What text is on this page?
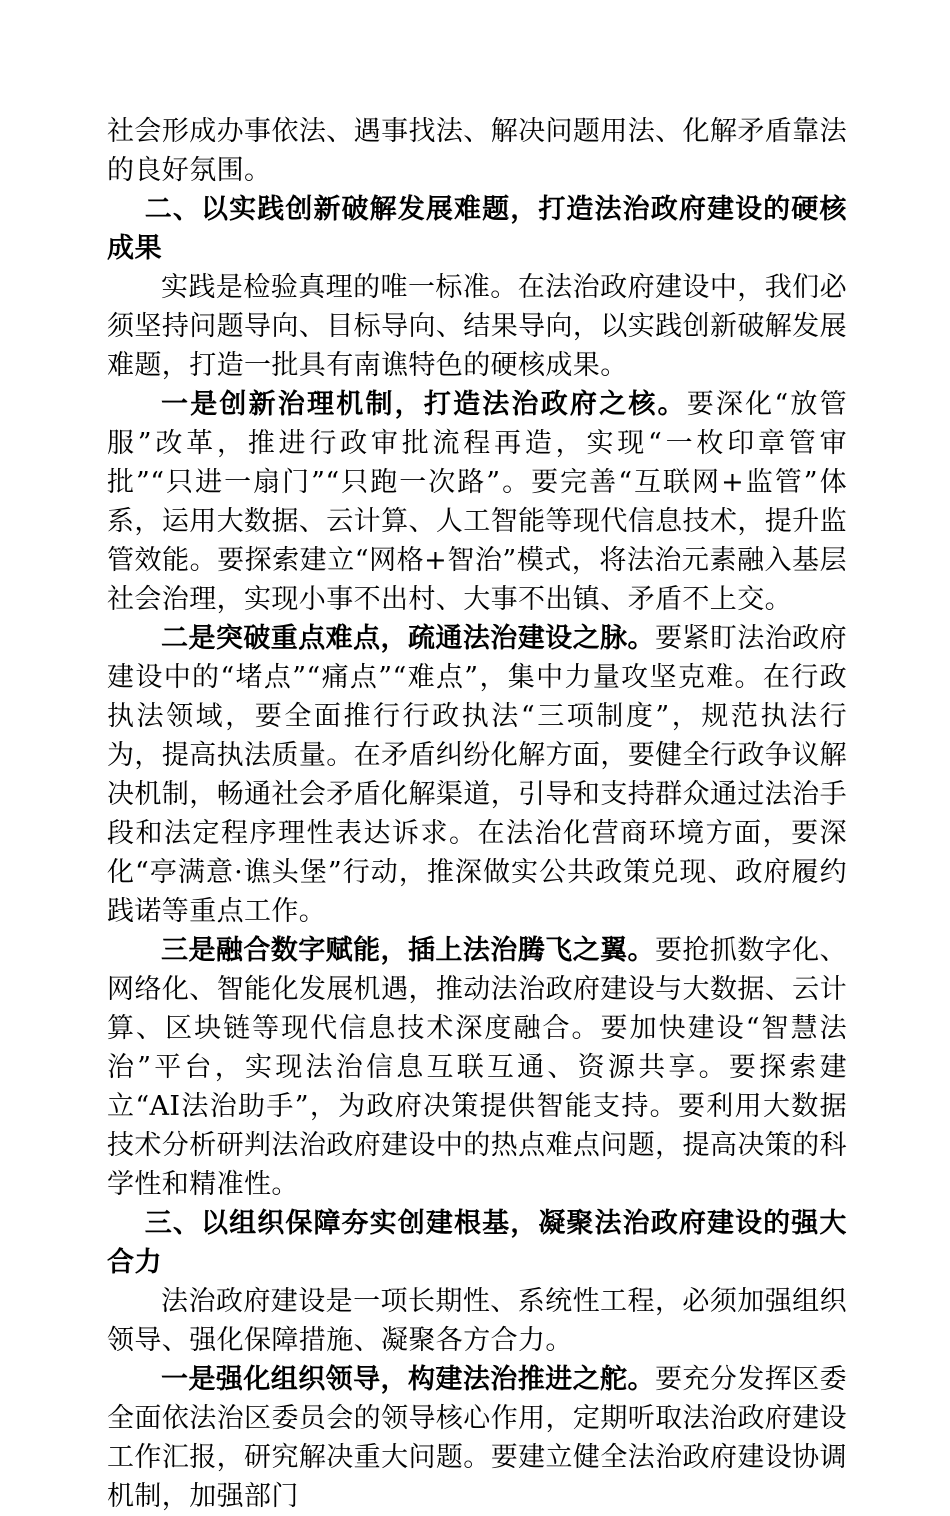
社会形成办事依法、遇事找法、解决问题用法、化解矛盾靠法的良好氛围。

二、以实践创新破解发展难题，打造法治政府建设的硬核成果

实践是检验真理的唯一标准。在法治政府建设中，我们必须坚持问题导向、目标导向、结果导向，以实践创新破解发展难题，打造一批具有南谯特色的硬核成果。

一是创新治理机制，打造法治政府之核。要深化“放管服”改革，推进行政审批流程再造，实现“一枚印章管审批”“只进一扇门”“只跑一次路”。要完善“互联网+监管”体系，运用大数据、云计算、人工智能等现代信息技术，提升监管效能。要探索建立“网格+智治”模式，将法治元素融入基层社会治理，实现小事不出村、大事不出镇、矛盾不上交。

二是突破重点难点，疏通法治建设之脉。要紧盯法治政府建设中的“堵点”“痛点”“难点”，集中力量攻坚克难。在行政执法领域，要全面推行行政执法“三项制度”，规范执法行为，提高执法质量。在矛盾纠纷化解方面，要健全行政争议解决机制，畅通社会矛盾化解渠道，引导和支持群众通过法治手段和法定程序理性表达诉求。在法治化营商环境方面，要深化“亭满意·谯头堡”行动，推深做实公共政策兑现、政府履约践诺等重点工作。

三是融合数字赋能，插上法治腾飞之翼。要抢抓数字化、网络化、智能化发展机遇，推动法治政府建设与大数据、云计算、区块链等现代信息技术深度融合。要加快建设“智慧法治”平台，实现法治信息互联互通、资源共享。要探索建立“AI法治助手”，为政府决策提供智能支持。要利用大数据技术分析研判法治政府建设中的热点难点问题，提高决策的科学性和精准性。

三、以组织保障夯实创建根基，凝聚法治政府建设的强大合力

法治政府建设是一项长期性、系统性工程，必须加强组织领导、强化保障措施、凝聚各方合力。

一是强化组织领导，构建法治推进之舵。要充分发挥区委全面依法治区委员会的领导核心作用，定期听取法治政府建设工作汇报，研究解决重大问题。要建立健全法治政府建设协调机制，加强部门
